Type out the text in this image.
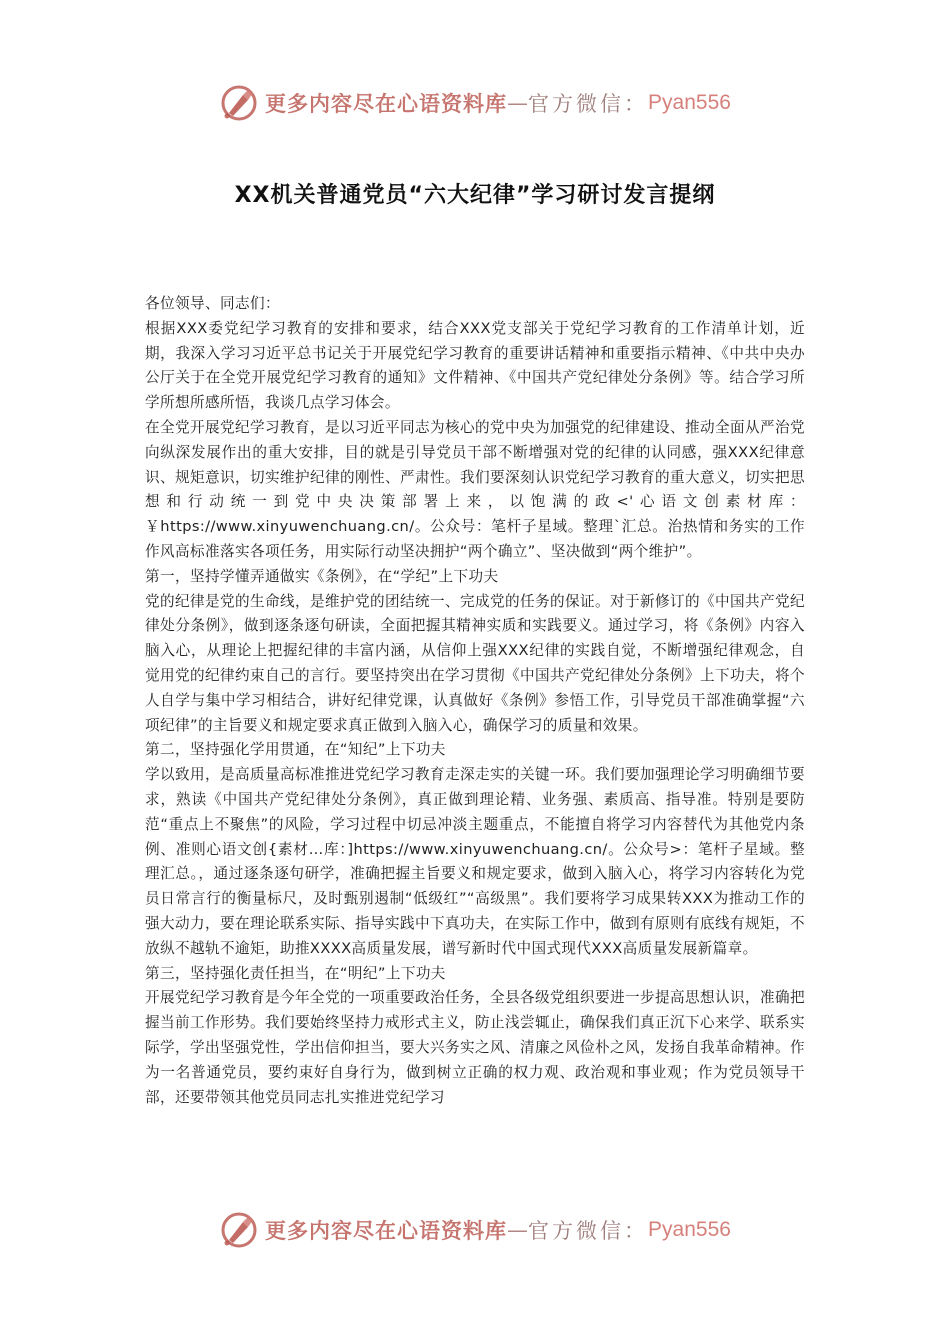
更多内容尽在心语资料库 — 官方微信： Pyan556
XX机关普通党员“六大纪律”学习研讨发言提纲

各位领导、同志们：

根据XXX委党纪学习教育的安排和要求，结合XXX党支部关于党纪学习教育的工作清单计划，近期，我深入学习习近平总书记关于开展党纪学习教育的重要讲话精神和重要指示精神、《中共中央办公厅关于在全党开展党纪学习教育的通知》文件精神、《中国共产党纪律处分条例》等。结合学习所学所想所感所悟，我谈几点学习体会。

在全党开展党纪学习教育，是以习近平同志为核心的党中央为加强党的纪律建设、推动全面从严治党向纵深发展作出的重大安排，目的就是引导党员干部不断增强对党的纪律的认同感，强XXX纪律意识、规矩意识，切实维护纪律的刚性、严肃性。我们要深刻认识党纪学习教育的重大意义，切实把思想和行动统一到党中央决策部署上来，以饱满的政<'心语文创素材库：￥https://www.xinyuwenchuang.cn/。公众号：笔杆子星域。整理`汇总。治热情和务实的工作作风高标准落实各项任务，用实际行动坚决拥护“两个确立”、坚决做到“两个维护”。

第一，坚持学懂弄通做实《条例》，在“学纪”上下功夫

党的纪律是党的生命线，是维护党的团结统一、完成党的任务的保证。对于新修订的《中国共产党纪律处分条例》，做到逐条逐句研读，全面把握其精神实质和实践要义。通过学习，将《条例》内容入脑入心，从理论上把握纪律的丰富内涵，从信仰上强XXX纪律的实践自觉，不断增强纪律观念，自觉用党的纪律约束自己的言行。要坚持突出在学习贯彻《中国共产党纪律处分条例》上下功夫，将个人自学与集中学习相结合，讲好纪律党课，认真做好《条例》参悟工作，引导党员干部准确掌握“六项纪律”的主旨要义和规定要求真正做到入脑入心，确保学习的质量和效果。

第二，坚持强化学用贯通，在“知纪”上下功夫

学以致用，是高质量高标准推进党纪学习教育走深走实的关键一环。我们要加强理论学习明确细节要求，熟读《中国共产党纪律处分条例》，真正做到理论精、业务强、素质高、指导准。特别是要防范“重点上不聚焦”的风险，学习过程中切忌冲淡主题重点，不能擅自将学习内容替代为其他党内条例、准则心语文创{素材…库：]https://www.xinyuwenchuang.cn/。公众号>：笔杆子星域。整理汇总。，通过逐条逐句研学，准确把握主旨要义和规定要求，做到入脑入心，将学习内容转化为党员日常言行的衡量标尺，及时甄别遏制“低级红”“高级黑”。我们要将学习成果转XXX为推动工作的强大动力，要在理论联系实际、指导实践中下真功夫，在实际工作中，做到有原则有底线有规矩，不放纵不越轨不逾矩，助推XXXX高质量发展，谱写新时代中国式现代XXX高质量发展新篇章。

第三，坚持强化责任担当，在“明纪”上下功夫

开展党纪学习教育是今年全党的一项重要政治任务，全县各级党组织要进一步提高思想认识，准确把握当前工作形势。我们要始终坚持力戒形式主义，防止浅尝辄止，确保我们真正沉下心来学、联系实际学，学出坚强党性，学出信仰担当，要大兴务实之风、清廉之风俭朴之风，发扬自我革命精神。作为一名普通党员，要约束好自身行为，做到树立正确的权力观、政治观和事业观；作为党员领导干部，还要带领其他党员同志扎实推进党纪学习

更多内容尽在心语资料库 — 官方微信： Pyan556
